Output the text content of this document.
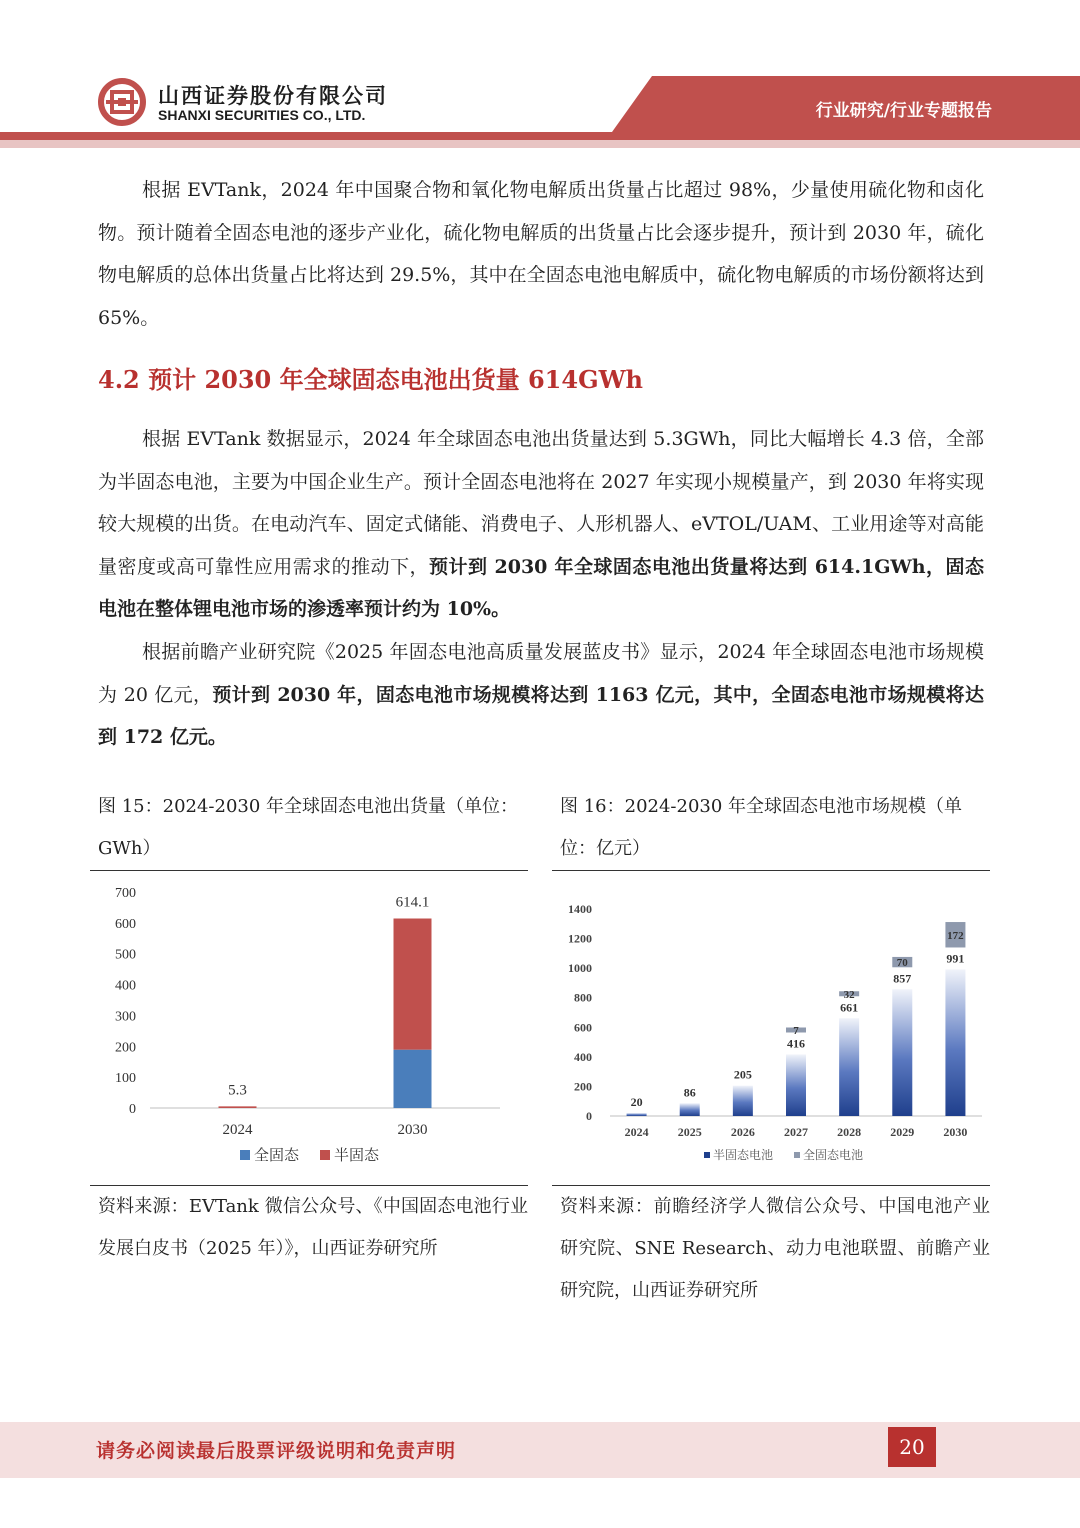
山西证券股份有限公司
SHANXI SECURITIES CO., LTD.	行业研究/行业专题报告

根据 EVTank，2024 年中国聚合物和氧化物电解质出货量占比超过 98%，少量使用硫化物和卤化物。预计随着全固态电池的逐步产业化，硫化物电解质的出货量占比会逐步提升，预计到 2030 年，硫化物电解质的总体出货量占比将达到 29.5%，其中在全固态电池电解质中，硫化物电解质的市场份额将达到 65%。

4.2 预计 2030 年全球固态电池出货量 614GWh

根据 EVTank 数据显示，2024 年全球固态电池出货量达到 5.3GWh，同比大幅增长 4.3 倍，全部为半固态电池，主要为中国企业生产。预计全固态电池将在 2027 年实现小规模量产，到 2030 年将实现较大规模的出货。在电动汽车、固定式储能、消费电子、人形机器人、eVTOL/UAM、工业用途等对高能量密度或高可靠性应用需求的推动下，预计到 2030 年全球固态电池出货量将达到 614.1GWh，固态电池在整体锂电池市场的渗透率预计约为 10%。

根据前瞻产业研究院《2025 年固态电池高质量发展蓝皮书》显示，2024 年全球固态电池市场规模为 20 亿元，预计到 2030 年，固态电池市场规模将达到 1163 亿元，其中，全固态电池市场规模将达到 172 亿元。

图 15：2024-2030 年全球固态电池出货量（单位：GWh）
0
100
200
300
400
500
600
700
5.3
2024
614.1
2030
全固态 半固态
资料来源：EVTank 微信公众号、《中国固态电池行业发展白皮书（2025 年）》，山西证券研究所
图 16：2024-2030 年全球固态电池市场规模（单位：亿元）
0
200
400
600
800
1000
1200
1400
20
2024
86
2025
205
2026
416
7
2027
661
32
2028
857
70
2029
991
172
2030
半固态电池 全固态电池
资料来源：前瞻经济学人微信公众号、中国电池产业研究院、SNE Research、动力电池联盟、前瞻产业研究院，山西证券研究所
请务必阅读最后股票评级说明和免责声明	20
